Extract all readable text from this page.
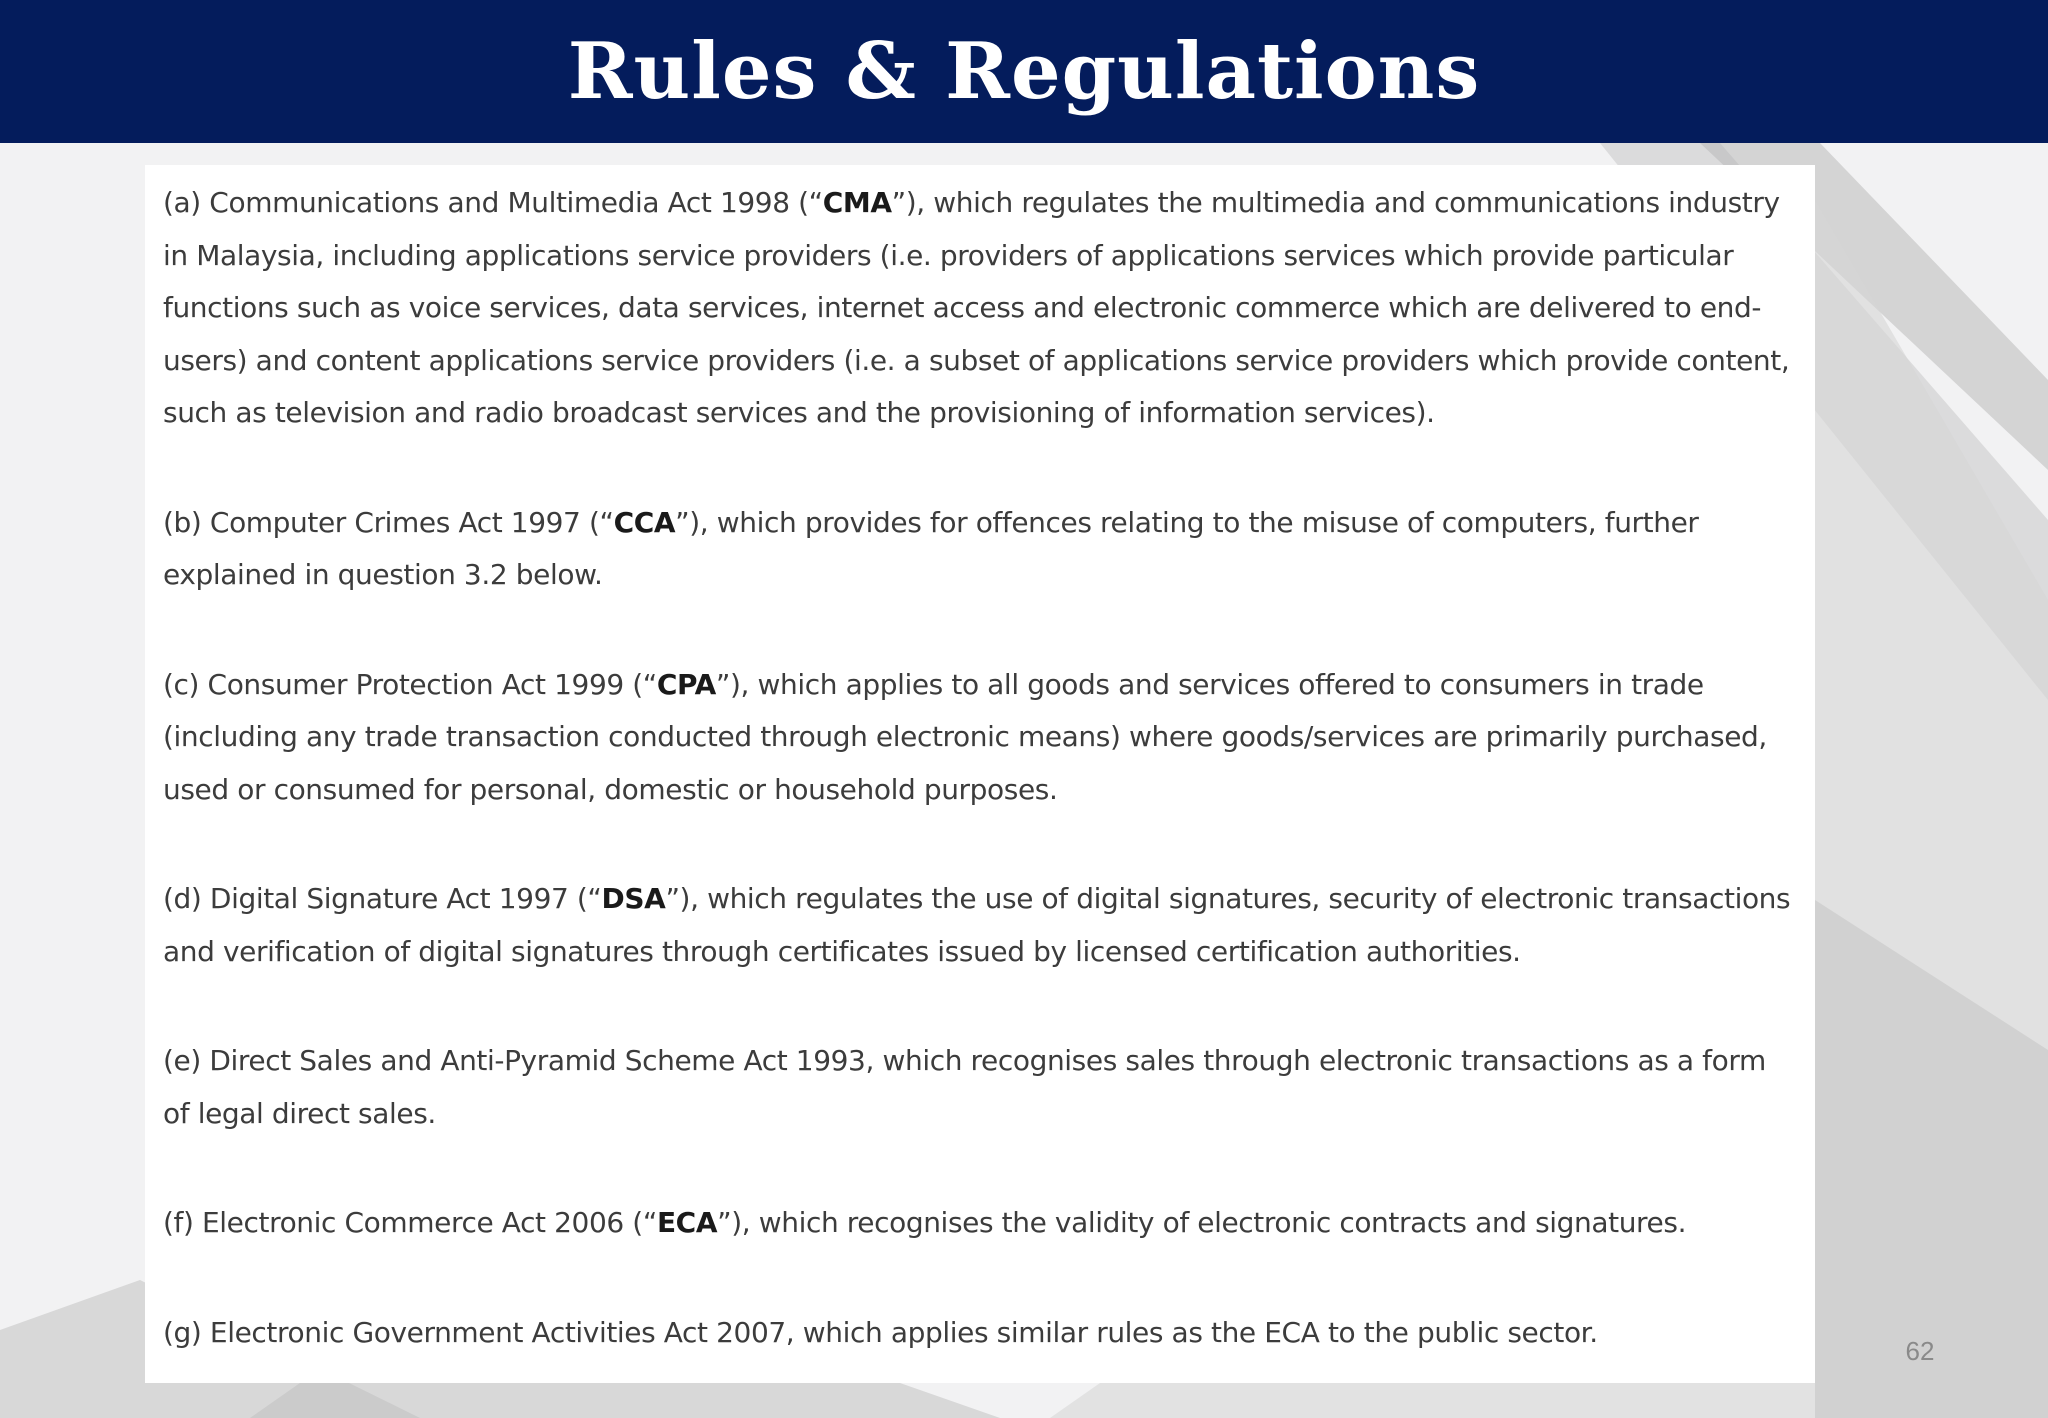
Rules & Regulations

(a) Communications and Multimedia Act 1998 (“CMA”), which regulates the multimedia and communications industry in Malaysia, including applications service providers (i.e. providers of applications services which provide particular functions such as voice services, data services, internet access and electronic commerce which are delivered to end-users) and content applications service providers (i.e. a subset of applications service providers which provide content, such as television and radio broadcast services and the provisioning of information services).

(b) Computer Crimes Act 1997 (“CCA”), which provides for offences relating to the misuse of computers, further explained in question 3.2 below.

(c) Consumer Protection Act 1999 (“CPA”), which applies to all goods and services offered to consumers in trade (including any trade transaction conducted through electronic means) where goods/services are primarily purchased, used or consumed for personal, domestic or household purposes.

(d) Digital Signature Act 1997 (“DSA”), which regulates the use of digital signatures, security of electronic transactions and verification of digital signatures through certificates issued by licensed certification authorities.

(e) Direct Sales and Anti-Pyramid Scheme Act 1993, which recognises sales through electronic transactions as a form of legal direct sales.

(f) Electronic Commerce Act 2006 (“ECA”), which recognises the validity of electronic contracts and signatures.

(g) Electronic Government Activities Act 2007, which applies similar rules as the ECA to the public sector.

62
